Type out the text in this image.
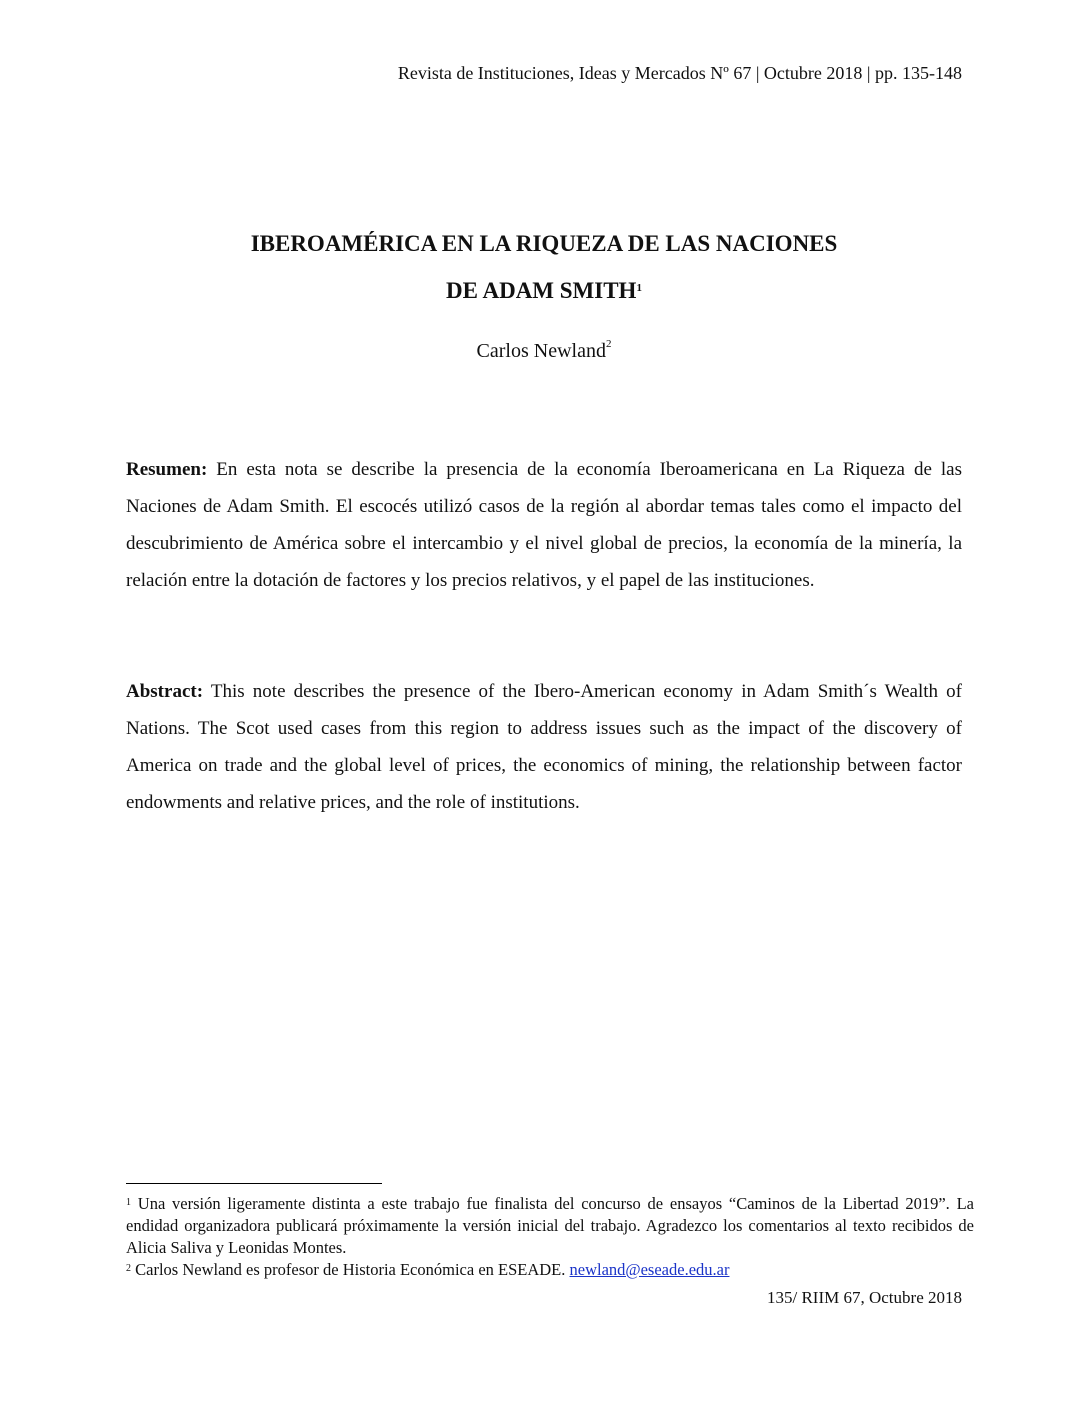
Revista de Instituciones, Ideas y Mercados Nº 67 | Octubre 2018 | pp. 135-148
IBEROAMÉRICA EN LA RIQUEZA DE LAS NACIONES
DE ADAM SMITH$^1$
Carlos Newland$^2$
Resumen: En esta nota se describe la presencia de la economía Iberoamericana en La Riqueza de las Naciones de Adam Smith. El escocés utilizó casos de la región al abordar temas tales como el impacto del descubrimiento de América sobre el intercambio y el nivel global de precios, la economía de la minería, la relación entre la dotación de factores y los precios relativos, y el papel de las instituciones.
Abstract: This note describes the presence of the Ibero-American economy in Adam Smith´s Wealth of Nations. The Scot used cases from this region to address issues such as the impact of the discovery of America on trade and the global level of prices, the economics of mining, the relationship between factor endowments and relative prices, and the role of institutions.
$^1$ Una versión ligeramente distinta a este trabajo fue finalista del concurso de ensayos “Caminos de la Libertad 2019”. La endidad organizadora publicará próximamente la versión inicial del trabajo. Agradezco los comentarios al texto recibidos de Alicia Saliva y Leonidas Montes.
$^2$ Carlos Newland es profesor de Historia Económica en ESEADE. newland@eseade.edu.ar
135/ RIIM 67, Octubre 2018
